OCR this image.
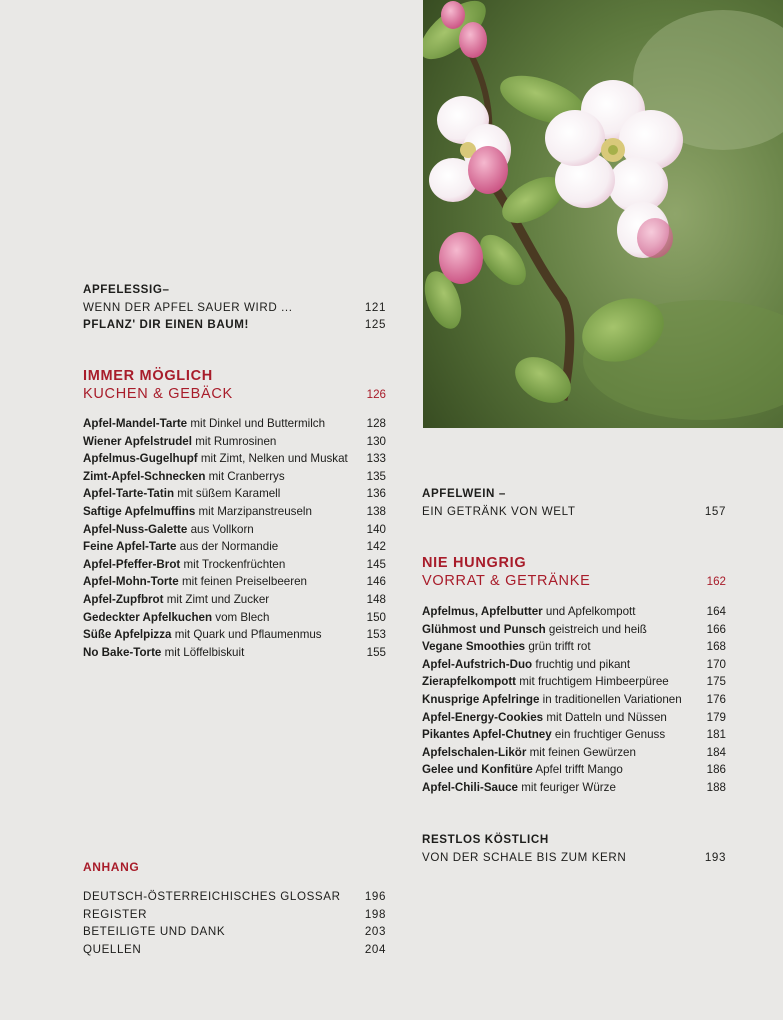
APFELESSIG–
WENN DER APFEL SAUER WIRD ...	121
PFLANZ' DIR EINEN BAUM!	125
IMMER MÖGLICH
KUCHEN & GEBÄCK	126
Apfel-Mandel-Tarte mit Dinkel und Buttermilch	128
Wiener Apfelstrudel mit Rumrosinen	130
Apfelmus-Gugelhupf mit Zimt, Nelken und Muskat 133
Zimt-Apfel-Schnecken mit Cranberrys	135
Apfel-Tarte-Tatin mit süßem Karamell	136
Saftige Apfelmuffins mit Marzipanstreuseln	138
Apfel-Nuss-Galette aus Vollkorn	140
Feine Apfel-Tarte aus der Normandie	142
Apfel-Pfeffer-Brot mit Trockenfrüchten	145
Apfel-Mohn-Torte mit feinen Preiselbeeren	146
Apfel-Zupfbrot mit Zimt und Zucker	148
Gedeckter Apfelkuchen vom Blech	150
Süße Apfelpizza mit Quark und Pflaumenmus	153
No Bake-Torte mit Löffelbiskuit	155
ANHANG
DEUTSCH-ÖSTERREICHISCHES GLOSSAR 196
REGISTER	198
BETEILIGTE UND DANK	203
QUELLEN	204
APFELWEIN –
EIN GETRÄNK VON WELT	157
NIE HUNGRIG
VORRAT & GETRÄNKE	162
Apfelmus, Apfelbutter und Apfelkompott	164
Glühmost und Punsch geistreich und heiß	166
Vegane Smoothies grün trifft rot	168
Apfel-Aufstrich-Duo fruchtig und pikant	170
Zierapfelkompott mit fruchtigem Himbeerpüree	175
Knusprige Apfelringe in traditionellen Variationen 176
Apfel-Energy-Cookies mit Datteln und Nüssen	179
Pikantes Apfel-Chutney ein fruchtiger Genuss	181
Apfelschalen-Likör mit feinen Gewürzen	184
Gelee und Konfitüre Apfel trifft Mango	186
Apfel-Chili-Sauce mit feuriger Würze	188
RESTLOS KÖSTLICH
VON DER SCHALE BIS ZUM KERN	193
